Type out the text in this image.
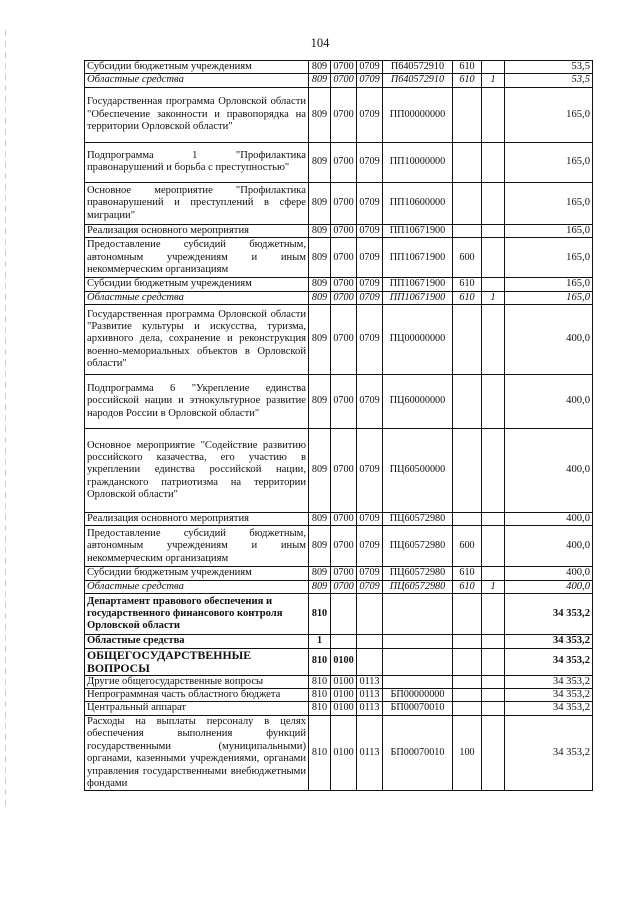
104
Субсидии бюджетным учреждениям	809	0700	0709	П640572910	610		53,5
Областные средства	809	0700	0709	П640572910	610	1	53,5
Государственная программа Орловской области "Обеспечение законности и правопорядка на территории Орловской области"	809	0700	0709	ПП00000000			165,0
Подпрограмма 1 "Профилактика правонарушений и борьба с преступностью"	809	0700	0709	ПП10000000			165,0
Основное мероприятие "Профилактика правонарушений и преступлений в сфере миграции"	809	0700	0709	ПП10600000			165,0
Реализация основного мероприятия	809	0700	0709	ПП10671900			165,0
Предоставление субсидий бюджетным, автономным учреждениям и иным некоммерческим организациям	809	0700	0709	ПП10671900	600		165,0
Субсидии бюджетным учреждениям	809	0700	0709	ПП10671900	610		165,0
Областные средства	809	0700	0709	ПП10671900	610	1	165,0
Государственная программа Орловской области "Развитие культуры и искусства, туризма, архивного дела, сохранение и реконструкция военно-мемориальных объектов в Орловской области"	809	0700	0709	ПЦ00000000			400,0
Подпрограмма 6 "Укрепление единства российской нации и этнокультурное развитие народов России в Орловской области"	809	0700	0709	ПЦ60000000			400,0
Основное мероприятие "Содействие развитию российского казачества, его участию в укреплении единства российской нации, гражданского патриотизма на территории Орловской области"	809	0700	0709	ПЦ60500000			400,0
Реализация основного мероприятия	809	0700	0709	ПЦ60572980			400,0
Предоставление субсидий бюджетным, автономным учреждениям и иным некоммерческим организациям	809	0700	0709	ПЦ60572980	600		400,0
Субсидии бюджетным учреждениям	809	0700	0709	ПЦ60572980	610		400,0
Областные средства	809	0700	0709	ПЦ60572980	610	1	400,0
Департамент правового обеспечения и государственного финансового контроля Орловской области	810						34 353,2
Областные средства	1						34 353,2
ОБЩЕГОСУДАРСТВЕННЫЕ ВОПРОСЫ	810	0100					34 353,2
Другие общегосударственные вопросы	810	0100	0113				34 353,2
Непрограммная часть областного бюджета	810	0100	0113	БП00000000			34 353,2
Центральный аппарат	810	0100	0113	БП00070010			34 353,2
Расходы на выплаты персоналу в целях обеспечения выполнения функций государственными (муниципальными) органами, казенными учреждениями, органами управления государственными внебюджетными фондами	810	0100	0113	БП00070010	100		34 353,2
